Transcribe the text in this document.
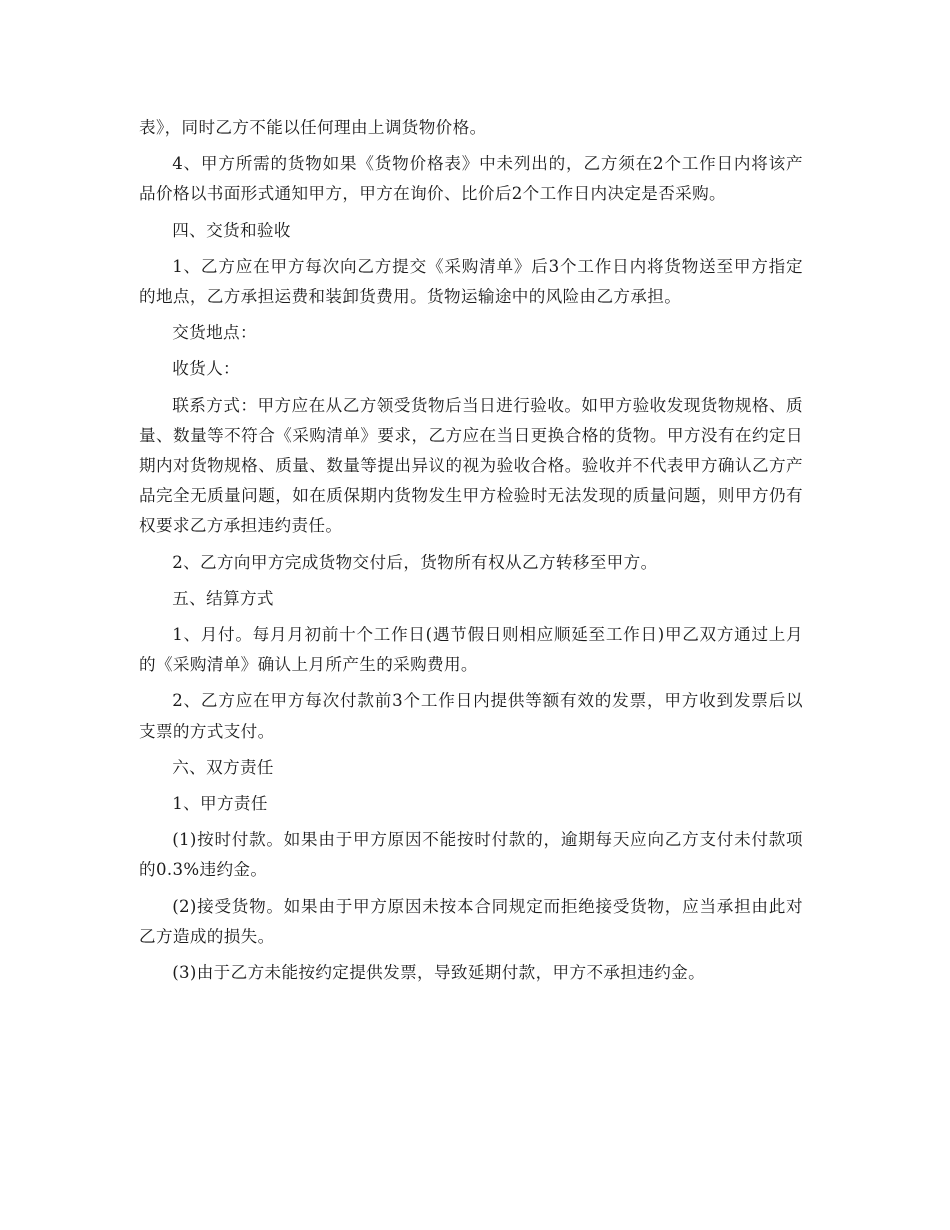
表》，同时乙方不能以任何理由上调货物价格。

4、甲方所需的货物如果《货物价格表》中未列出的，乙方须在2个工作日内将该产品价格以书面形式通知甲方，甲方在询价、比价后2个工作日内决定是否采购。

四、交货和验收

1、乙方应在甲方每次向乙方提交《采购清单》后3个工作日内将货物送至甲方指定的地点，乙方承担运费和装卸货费用。货物运输途中的风险由乙方承担。

交货地点：

收货人：

联系方式：甲方应在从乙方领受货物后当日进行验收。如甲方验收发现货物规格、质量、数量等不符合《采购清单》要求，乙方应在当日更换合格的货物。甲方没有在约定日期内对货物规格、质量、数量等提出异议的视为验收合格。验收并不代表甲方确认乙方产品完全无质量问题，如在质保期内货物发生甲方检验时无法发现的质量问题，则甲方仍有权要求乙方承担违约责任。

2、乙方向甲方完成货物交付后，货物所有权从乙方转移至甲方。

五、结算方式

1、月付。每月月初前十个工作日(遇节假日则相应顺延至工作日)甲乙双方通过上月的《采购清单》确认上月所产生的采购费用。

2、乙方应在甲方每次付款前3个工作日内提供等额有效的发票，甲方收到发票后以支票的方式支付。

六、双方责任

1、甲方责任

(1)按时付款。如果由于甲方原因不能按时付款的，逾期每天应向乙方支付未付款项的0.3%违约金。

(2)接受货物。如果由于甲方原因未按本合同规定而拒绝接受货物，应当承担由此对乙方造成的损失。

(3)由于乙方未能按约定提供发票，导致延期付款，甲方不承担违约金。
